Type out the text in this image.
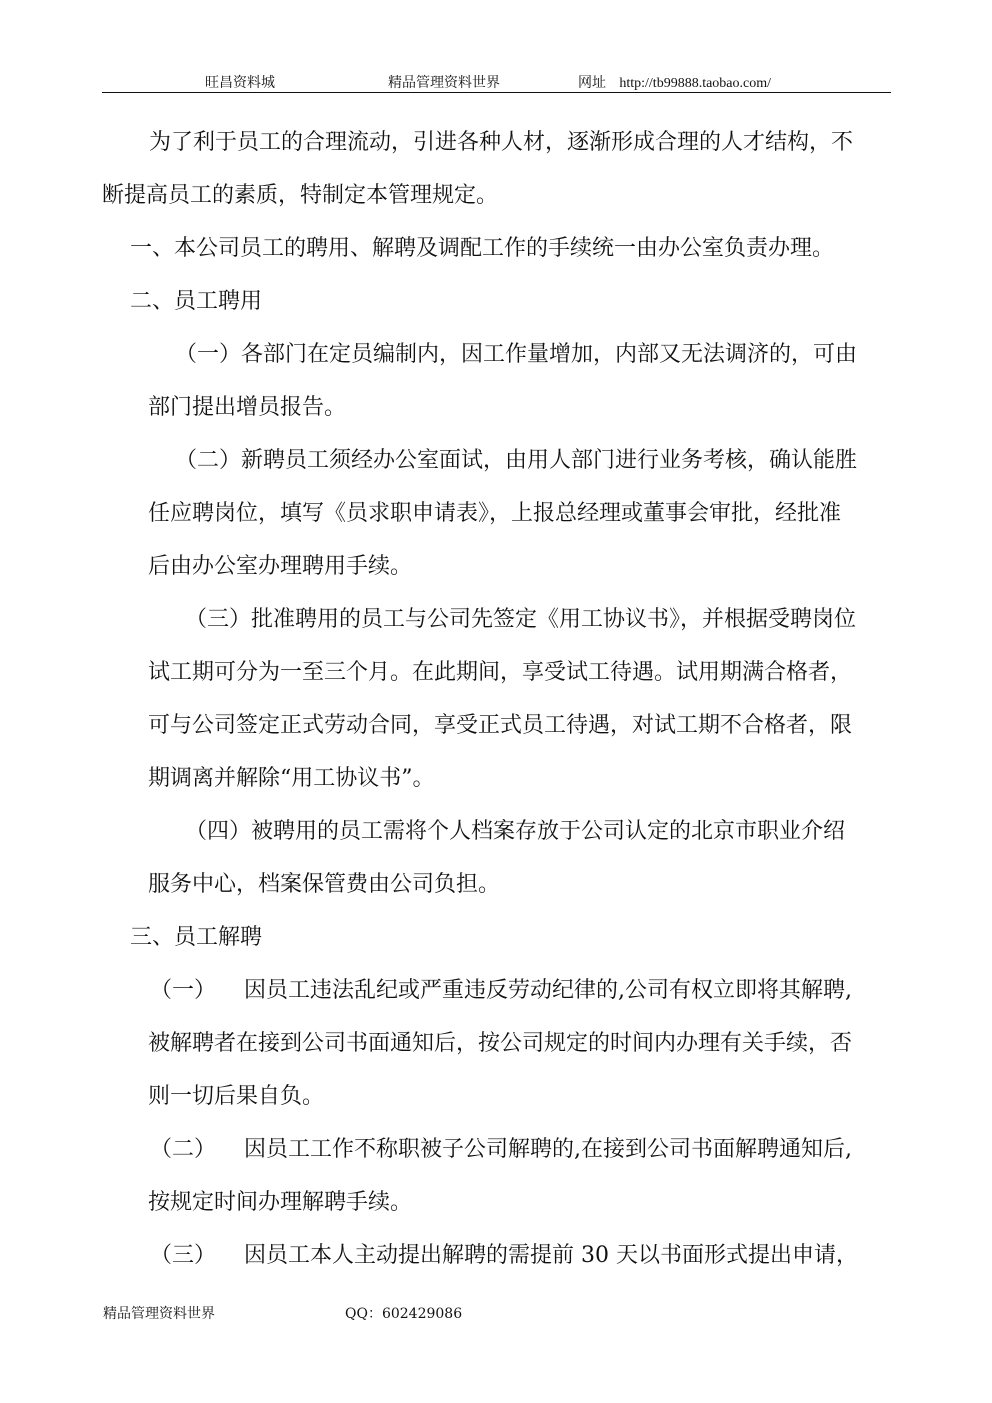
旺昌资料城	精品管理资料世界	网址 http://tb99888.taobao.com/

为了利于员工的合理流动，引进各种人材，逐渐形成合理的人才结构，不

断提高员工的素质，特制定本管理规定。

一、本公司员工的聘用、解聘及调配工作的手续统一由办公室负责办理。

二、员工聘用

（一）各部门在定员编制内，因工作量增加，内部又无法调济的，可由

部门提出增员报告。

（二）新聘员工须经办公室面试，由用人部门进行业务考核，确认能胜

任应聘岗位，填写《员求职申请表》，上报总经理或董事会审批，经批准

后由办公室办理聘用手续。

（三）批准聘用的员工与公司先签定《用工协议书》，并根据受聘岗位

试工期可分为一至三个月。在此期间，享受试工待遇。试用期满合格者，

可与公司签定正式劳动合同，享受正式员工待遇，对试工期不合格者，限

期调离并解除“用工协议书”。

（四）被聘用的员工需将个人档案存放于公司认定的北京市职业介绍

服务中心，档案保管费由公司负担。

三、员工解聘

（一）    因员工违法乱纪或严重违反劳动纪律的,公司有权立即将其解聘,

被解聘者在接到公司书面通知后，按公司规定的时间内办理有关手续，否

则一切后果自负。

（二）    因员工工作不称职被子公司解聘的,在接到公司书面解聘通知后,

按规定时间办理解聘手续。

（三）    因员工本人主动提出解聘的需提前 30 天以书面形式提出申请，

精品管理资料世界	QQ：602429086
